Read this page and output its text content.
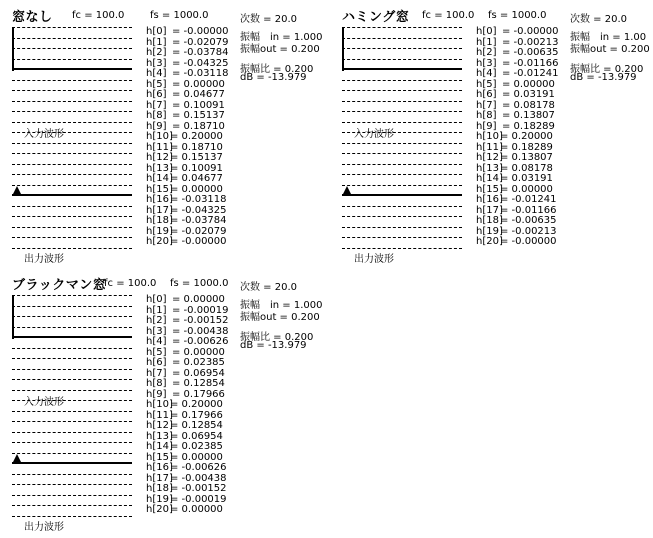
窓なし fc = 100.0	fs = 1000.0	次数 = 20.0
入力波形
出力波形
h[0] = -0.00000
h[1] = -0.02079
h[2] = -0.03784
h[3] = -0.04325
h[4] = -0.03118
h[5] = 0.00000
h[6] = 0.04677
h[7] = 0.10091
h[8] = 0.15137
h[9] = 0.18710
h[10]= 0.20000
h[11]= 0.18710
h[12]= 0.15137
h[13]= 0.10091
h[14]= 0.04677
h[15]= 0.00000
h[16]= -0.03118
h[17]= -0.04325
h[18]= -0.03784
h[19]= -0.02079
h[20]= -0.00000
振幅　in = 1.000
振幅out = 0.200
振幅比 = 0.200
dB = -13.979
ハミング窓 fc = 100.0 fs = 1000.0 次数 = 20.0
入力波形
出力波形
h[0] = -0.00000
h[1] = -0.00213
h[2] = -0.00635
h[3] = -0.01166
h[4] = -0.01241
h[5] = 0.00000
h[6] = 0.03191
h[7] = 0.08178
h[8] = 0.13807
h[9] = 0.18289
h[10]= 0.20000
h[11]= 0.18289
h[12]= 0.13807
h[13]= 0.08178
h[14]= 0.03191
h[15]= 0.00000
h[16]= -0.01241
h[17]= -0.01166
h[18]= -0.00635
h[19]= -0.00213
h[20]= -0.00000
振幅　in = 1.00
振幅out = 0.200
振幅比 = 0.200
dB = -13.979
ブラックマン窓
fc = 100.0 fs = 1000.0 次数 = 20.0
入力波形
出力波形
h[0] = 0.00000
h[1] = -0.00019
h[2] = -0.00152
h[3] = -0.00438
h[4] = -0.00626
h[5] = 0.00000
h[6] = 0.02385
h[7] = 0.06954
h[8] = 0.12854
h[9] = 0.17966
h[10]= 0.20000
h[11]= 0.17966
h[12]= 0.12854
h[13]= 0.06954
h[14]= 0.02385
h[15]= 0.00000
h[16]= -0.00626
h[17]= -0.00438
h[18]= -0.00152
h[19]= -0.00019
h[20]= 0.00000
振幅　in = 1.000
振幅out = 0.200
振幅比 = 0.200
dB = -13.979
